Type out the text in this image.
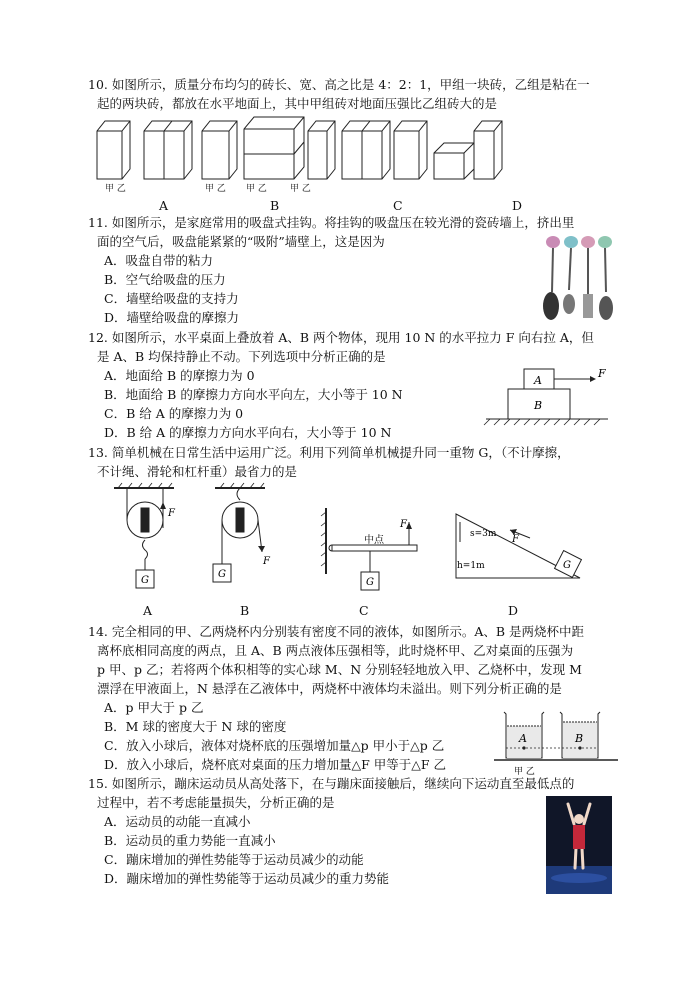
10. 如图所示，质量分布均匀的砖长、宽、高之比是 4：2：1，甲组一块砖，乙组是粘在一
起的两块砖，都放在水平地面上，其中甲组砖对地面压强比乙组砖大的是
甲 乙	甲 乙 甲 乙	甲 乙
A	B	C	D
11. 如图所示，是家庭常用的吸盘式挂钩。将挂钩的吸盘压在较光滑的瓷砖墙上，挤出里
面的空气后，吸盘能紧紧的“吸附”墙壁上，这是因为
A．吸盘自带的粘力
B．空气给吸盘的压力
C．墙壁给吸盘的支持力
D．墙壁给吸盘的摩擦力
12. 如图所示，水平桌面上叠放着 A、B 两个物体，现用 10 N 的水平拉力 F 向右拉 A，但
是 A、B 均保持静止不动。下列选项中分析正确的是
A．地面给 B 的摩擦力为 0
B．地面给 B 的摩擦力方向水平向左，大小等于 10 N
C．B 给 A 的摩擦力为 0
D．B 给 A 的摩擦力方向水平向右，大小等于 10 N
A
B
F
13. 简单机械在日常生活中运用广泛。利用下列简单机械提升同一重物 G，（不计摩擦，
不计绳、滑轮和杠杆重）最省力的是
F
G
F
G
F
中点
G
s=3m
h=1m
F
G
A	B	C	D
14. 完全相同的甲、乙两烧杯内分别装有密度不同的液体，如图所示。A、B 是两烧杯中距
离杯底相同高度的两点，且 A、B 两点液体压强相等，此时烧杯甲、乙对桌面的压强为
p 甲、p 乙；若将两个体积相等的实心球 M、N 分别轻轻地放入甲、乙烧杯中，发现 M
漂浮在甲液面上，N 悬浮在乙液体中，两烧杯中液体均未溢出。则下列分析正确的是
A．p 甲大于 p 乙
B．M 球的密度大于 N 球的密度
C．放入小球后，液体对烧杯底的压强增加量△p 甲小于△p 乙
D．放入小球后，烧杯底对桌面的压力增加量△F 甲等于△F 乙
A	B
甲 乙
15. 如图所示，蹦床运动员从高处落下，在与蹦床面接触后，继续向下运动直至最低点的
过程中，若不考虑能量损失，分析正确的是
A．运动员的动能一直减小
B．运动员的重力势能一直减小
C．蹦床增加的弹性势能等于运动员减少的动能
D．蹦床增加的弹性势能等于运动员减少的重力势能
